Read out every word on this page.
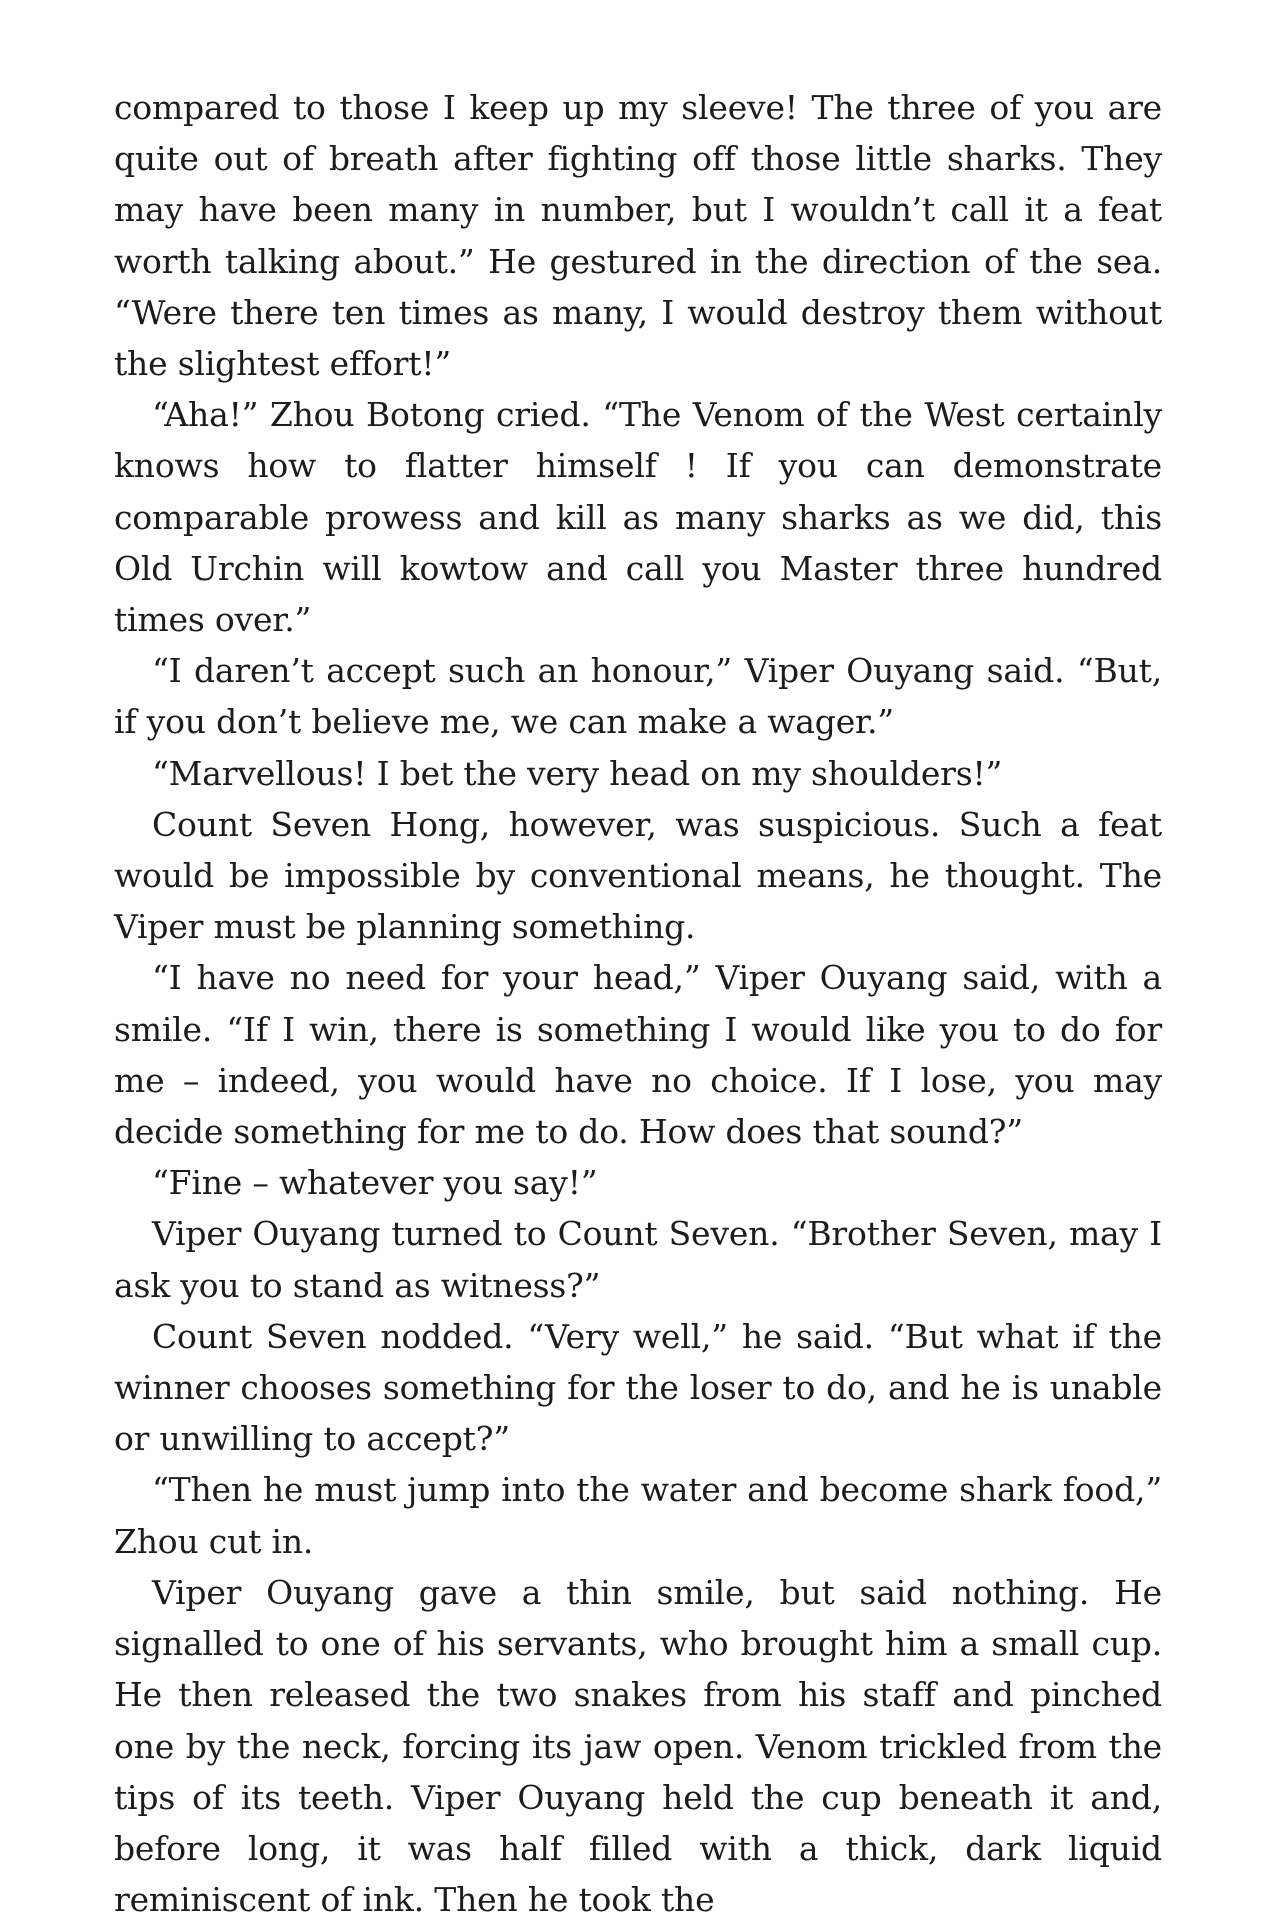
compared to those I keep up my sleeve! The three of you are quite out of breath after fighting off those little sharks. They may have been many in number, but I wouldn’t call it a feat worth talking about.” He gestured in the direction of the sea. “Were there ten times as many, I would destroy them without the slightest effort!”

“Aha!” Zhou Botong cried. “The Venom of the West certainly knows how to flatter himself ! If you can demonstrate comparable prowess and kill as many sharks as we did, this Old Urchin will kowtow and call you Master three hundred times over.”

“I daren’t accept such an honour,” Viper Ouyang said. “But, if you don’t believe me, we can make a wager.”

“Marvellous! I bet the very head on my shoulders!”

Count Seven Hong, however, was suspicious. Such a feat would be impossible by conventional means, he thought. The Viper must be planning something.

“I have no need for your head,” Viper Ouyang said, with a smile. “If I win, there is something I would like you to do for me – indeed, you would have no choice. If I lose, you may decide something for me to do. How does that sound?”

“Fine – whatever you say!”

Viper Ouyang turned to Count Seven. “Brother Seven, may I ask you to stand as witness?”

Count Seven nodded. “Very well,” he said. “But what if the winner chooses something for the loser to do, and he is unable or unwilling to accept?”

“Then he must jump into the water and become shark food,” Zhou cut in.

Viper Ouyang gave a thin smile, but said nothing. He signalled to one of his servants, who brought him a small cup. He then released the two snakes from his staff and pinched one by the neck, forcing its jaw open. Venom trickled from the tips of its teeth. Viper Ouyang held the cup beneath it and, before long, it was half filled with a thick, dark liquid reminiscent of ink. Then he took the
